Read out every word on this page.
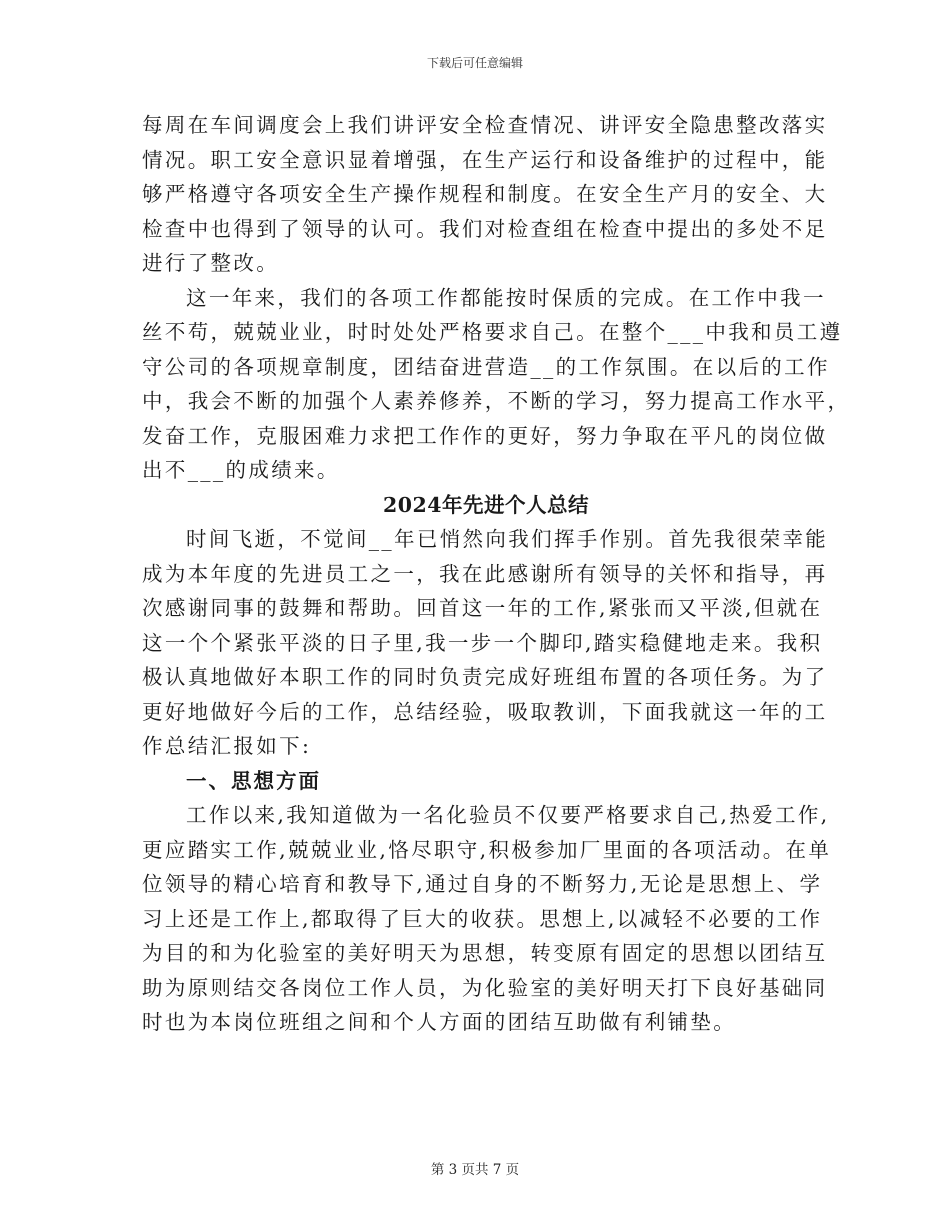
下载后可任意编辑
每周在车间调度会上我们讲评安全检查情况、讲评安全隐患整改落实
情况。职工安全意识显着增强，在生产运行和设备维护的过程中，能
够严格遵守各项安全生产操作规程和制度。在安全生产月的安全、大
检查中也得到了领导的认可。我们对检查组在检查中提出的多处不足
进行了整改。
这一年来，我们的各项工作都能按时保质的完成。在工作中我一
丝不苟，兢兢业业，时时处处严格要求自己。在整个___中我和员工遵
守公司的各项规章制度，团结奋进营造__的工作氛围。在以后的工作
中，我会不断的加强个人素养修养，不断的学习，努力提高工作水平，
发奋工作，克服困难力求把工作作的更好，努力争取在平凡的岗位做
出不___的成绩来。
2024年先进个人总结
时间飞逝，不觉间__年已悄然向我们挥手作别。首先我很荣幸能
成为本年度的先进员工之一，我在此感谢所有领导的关怀和指导，再
次感谢同事的鼓舞和帮助。回首这一年的工作,紧张而又平淡,但就在
这一个个紧张平淡的日子里,我一步一个脚印,踏实稳健地走来。我积
极认真地做好本职工作的同时负责完成好班组布置的各项任务。为了
更好地做好今后的工作，总结经验，吸取教训，下面我就这一年的工
作总结汇报如下:
一、思想方面
工作以来,我知道做为一名化验员不仅要严格要求自己,热爱工作,
更应踏实工作,兢兢业业,恪尽职守,积极参加厂里面的各项活动。在单
位领导的精心培育和教导下,通过自身的不断努力,无论是思想上、学
习上还是工作上,都取得了巨大的收获。思想上,以减轻不必要的工作
为目的和为化验室的美好明天为思想，转变原有固定的思想以团结互
助为原则结交各岗位工作人员，为化验室的美好明天打下良好基础同
时也为本岗位班组之间和个人方面的团结互助做有利铺垫。
第 3 页共 7 页
